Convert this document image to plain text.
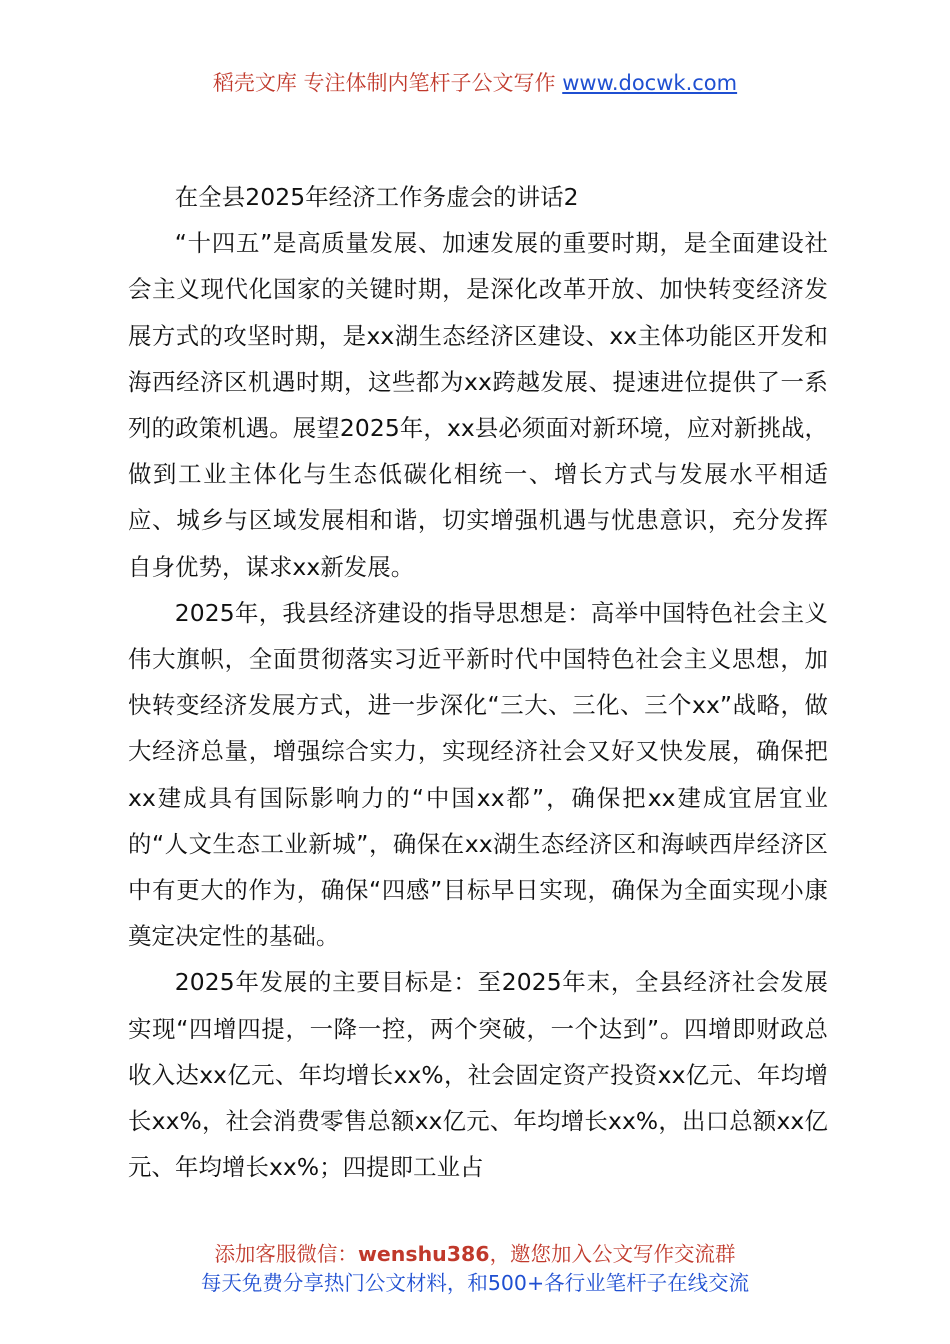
稻壳文库 专注体制内笔杆子公文写作 www.docwk.com

在全县2025年经济工作务虚会的讲话2

“十四五”是高质量发展、加速发展的重要时期，是全面建设社会主义现代化国家的关键时期，是深化改革开放、加快转变经济发展方式的攻坚时期，是xx湖生态经济区建设、xx主体功能区开发和海西经济区机遇时期，这些都为xx跨越发展、提速进位提供了一系列的政策机遇。展望2025年，xx县必须面对新环境，应对新挑战，做到工业主体化与生态低碳化相统一、增长方式与发展水平相适应、城乡与区域发展相和谐，切实增强机遇与忧患意识，充分发挥自身优势，谋求xx新发展。

2025年，我县经济建设的指导思想是：高举中国特色社会主义伟大旗帜，全面贯彻落实习近平新时代中国特色社会主义思想，加快转变经济发展方式，进一步深化“三大、三化、三个xx”战略，做大经济总量，增强综合实力，实现经济社会又好又快发展，确保把xx建成具有国际影响力的“中国xx都”，确保把xx建成宜居宜业的“人文生态工业新城”，确保在xx湖生态经济区和海峡西岸经济区中有更大的作为，确保“四感”目标早日实现，确保为全面实现小康奠定决定性的基础。

2025年发展的主要目标是：至2025年末，全县经济社会发展实现“四增四提，一降一控，两个突破，一个达到”。四增即财政总收入达xx亿元、年均增长xx%，社会固定资产投资xx亿元、年均增长xx%，社会消费零售总额xx亿元、年均增长xx%，出口总额xx亿元、年均增长xx%；四提即工业占

添加客服微信：wenshu386，邀您加入公文写作交流群
每天免费分享热门公文材料，和500+各行业笔杆子在线交流
